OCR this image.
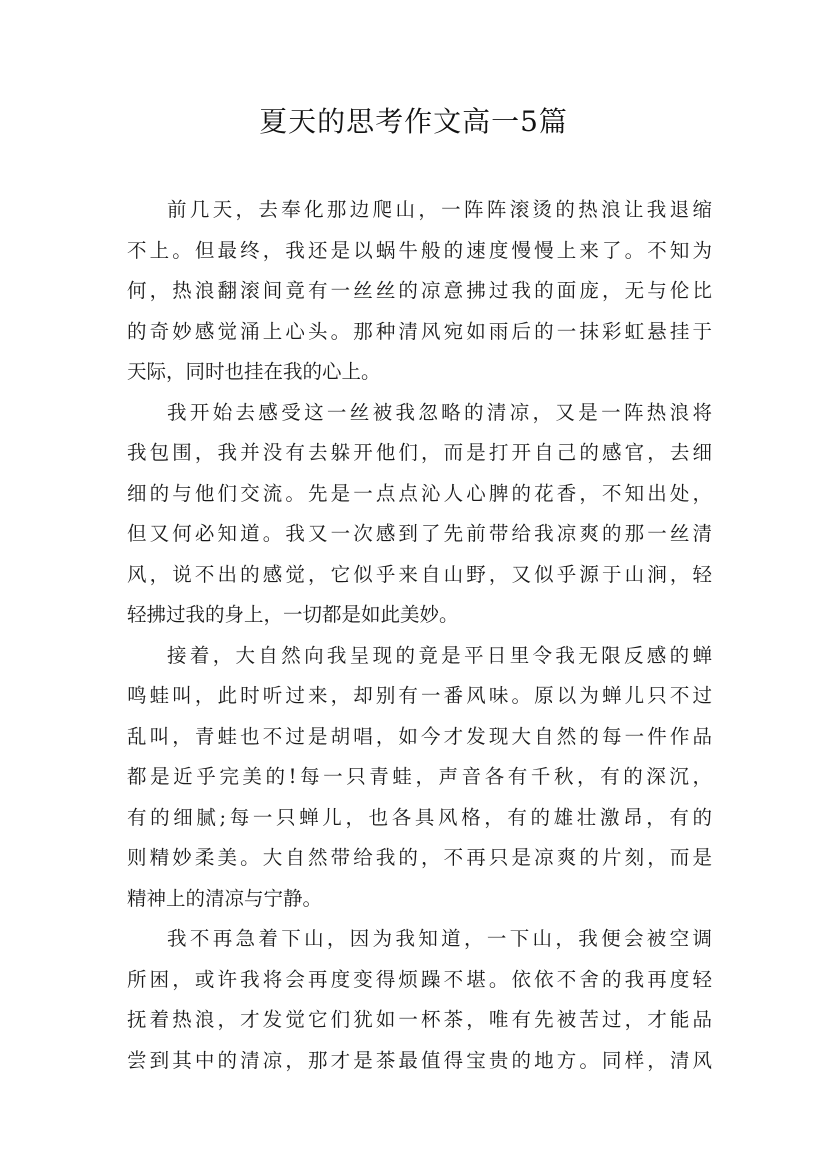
夏天的思考作文高一5篇
前几天，去奉化那边爬山，一阵阵滚烫的热浪让我退缩
不上。但最终，我还是以蜗牛般的速度慢慢上来了。不知为
何，热浪翻滚间竟有一丝丝的凉意拂过我的面庞，无与伦比
的奇妙感觉涌上心头。那种清风宛如雨后的一抹彩虹悬挂于
天际，同时也挂在我的心上。
我开始去感受这一丝被我忽略的清凉，又是一阵热浪将
我包围，我并没有去躲开他们，而是打开自己的感官，去细
细的与他们交流。先是一点点沁人心脾的花香，不知出处，
但又何必知道。我又一次感到了先前带给我凉爽的那一丝清
风，说不出的感觉，它似乎来自山野，又似乎源于山涧，轻
轻拂过我的身上，一切都是如此美妙。
接着，大自然向我呈现的竟是平日里令我无限反感的蝉
鸣蛙叫，此时听过来，却别有一番风味。原以为蝉儿只不过
乱叫，青蛙也不过是胡唱，如今才发现大自然的每一件作品
都是近乎完美的!每一只青蛙，声音各有千秋，有的深沉，
有的细腻;每一只蝉儿，也各具风格，有的雄壮激昂，有的
则精妙柔美。大自然带给我的，不再只是凉爽的片刻，而是
精神上的清凉与宁静。
我不再急着下山，因为我知道，一下山，我便会被空调
所困，或许我将会再度变得烦躁不堪。依依不舍的我再度轻
抚着热浪，才发觉它们犹如一杯茶，唯有先被苦过，才能品
尝到其中的清凉，那才是茶最值得宝贵的地方。同样，清风
